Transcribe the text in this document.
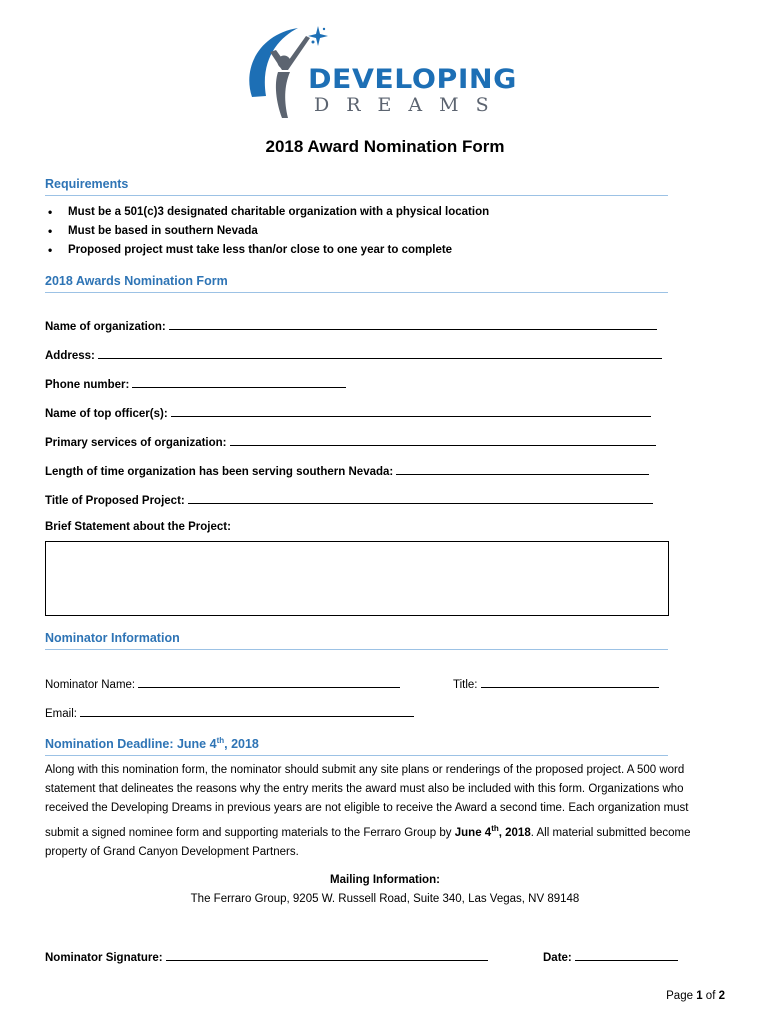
DEVELOPING
DREAMS
2018 Award Nomination Form
Requirements
• Must be a 501(c)3 designated charitable organization with a physical location
• Must be based in southern Nevada
• Proposed project must take less than/or close to one year to complete
2018 Awards Nomination Form
Name of organization:
Address:
Phone number:
Name of top officer(s):
Primary services of organization:
Length of time organization has been serving southern Nevada:
Title of Proposed Project:
Brief Statement about the Project:
Nominator Information
Nominator Name:	Title:
Email:
Nomination Deadline: June 4th, 2018
Along with this nomination form, the nominator should submit any site plans or renderings of the proposed project. A 500 word statement that delineates the reasons why the entry merits the award must also be included with this form. Organizations who received the Developing Dreams in previous years are not eligible to receive the Award a second time. Each organization must submit a signed nominee form and supporting materials to the Ferraro Group by June 4th, 2018. All material submitted become property of Grand Canyon Development Partners.
Mailing Information:
The Ferraro Group, 9205 W. Russell Road, Suite 340, Las Vegas, NV 89148
Nominator Signature:	Date:
Page 1 of 2
